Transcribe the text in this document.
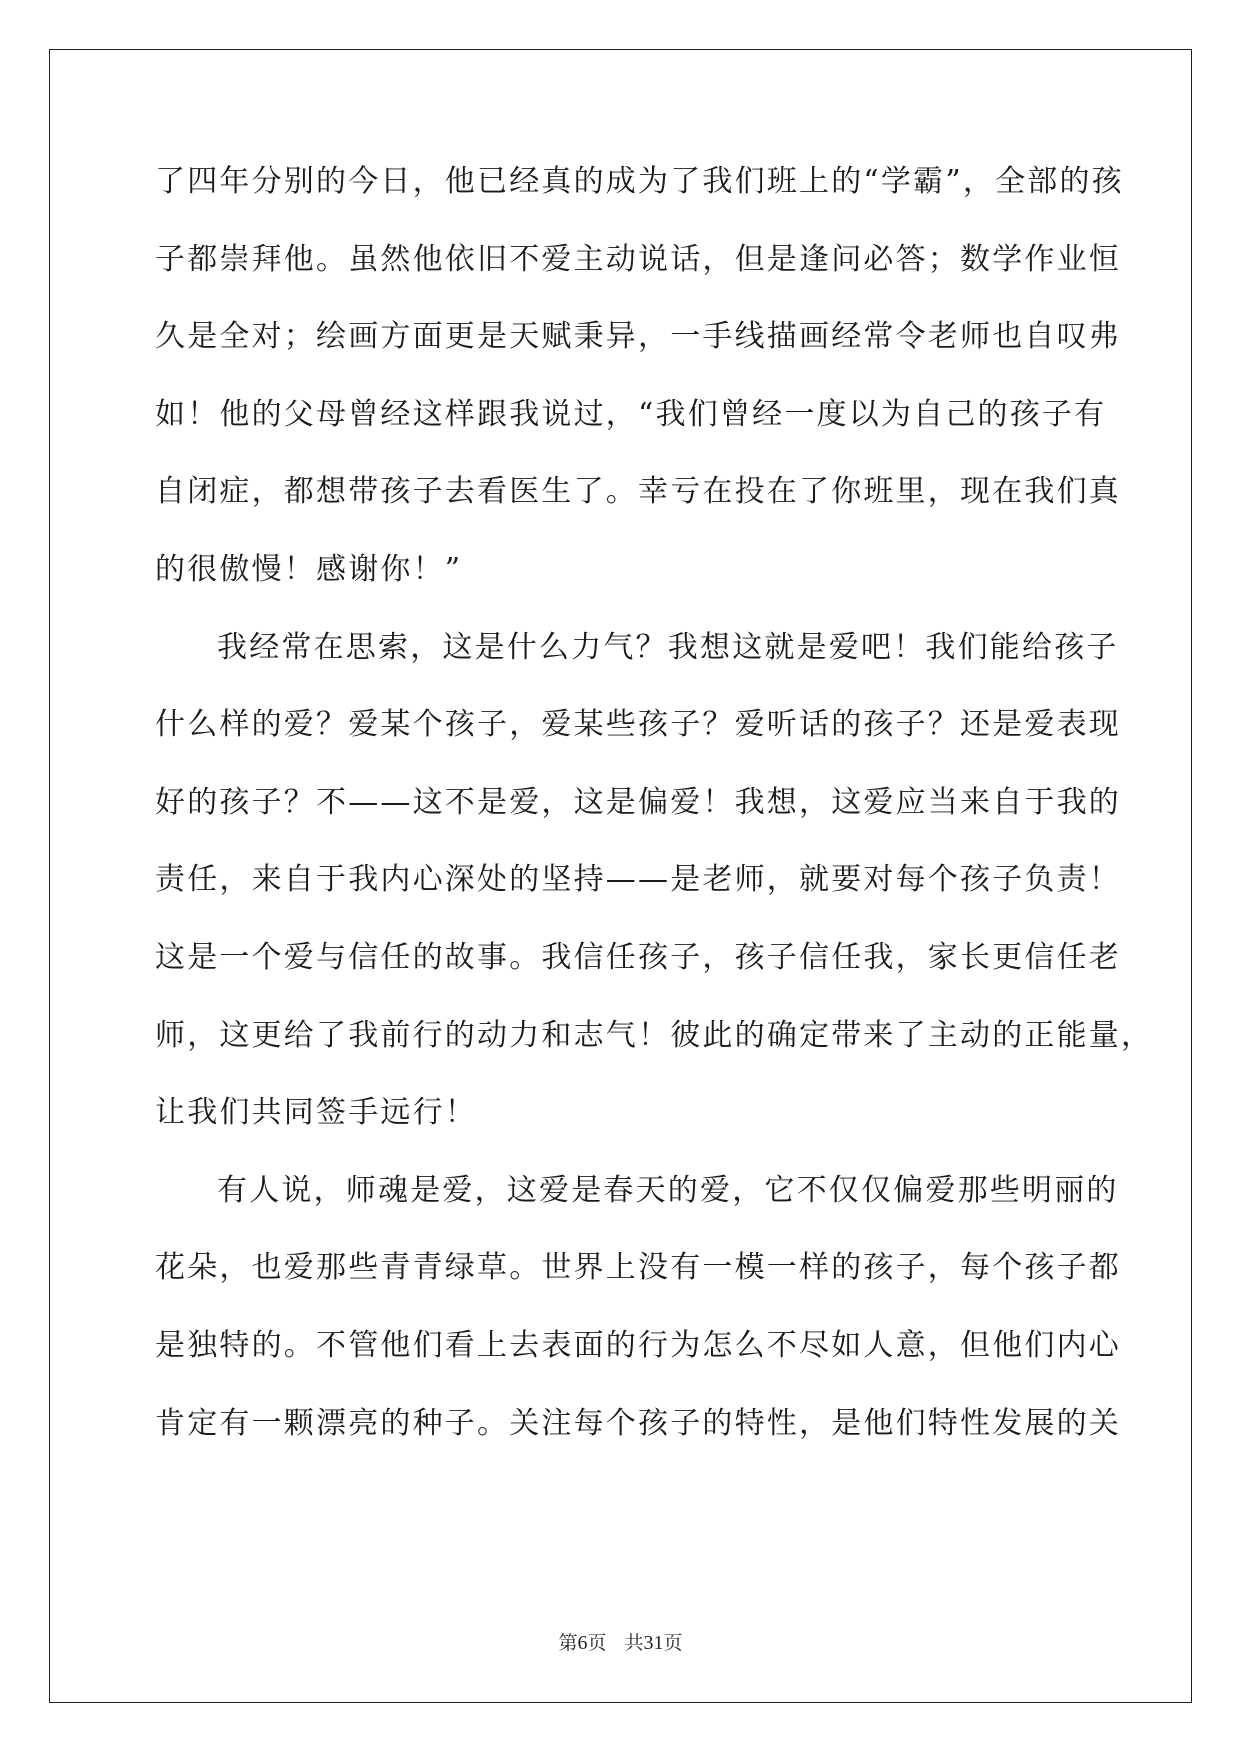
了四年分别的今日，他已经真的成为了我们班上的“学霸”，全部的孩
子都崇拜他。虽然他依旧不爱主动说话，但是逢问必答；数学作业恒
久是全对；绘画方面更是天赋秉异，一手线描画经常令老师也自叹弗
如！他的父母曾经这样跟我说过，“我们曾经一度以为自己的孩子有
自闭症，都想带孩子去看医生了。幸亏在投在了你班里，现在我们真
的很傲慢！感谢你！”
我经常在思索，这是什么力气？我想这就是爱吧！我们能给孩子
什么样的爱？爱某个孩子，爱某些孩子？爱听话的孩子？还是爱表现
好的孩子？不——这不是爱，这是偏爱！我想，这爱应当来自于我的
责任，来自于我内心深处的坚持——是老师，就要对每个孩子负责！
这是一个爱与信任的故事。我信任孩子，孩子信任我，家长更信任老
师，这更给了我前行的动力和志气！彼此的确定带来了主动的正能量，
让我们共同签手远行！
有人说，师魂是爱，这爱是春天的爱，它不仅仅偏爱那些明丽的
花朵，也爱那些青青绿草。世界上没有一模一样的孩子，每个孩子都
是独特的。不管他们看上去表面的行为怎么不尽如人意，但他们内心
肯定有一颗漂亮的种子。关注每个孩子的特性，是他们特性发展的关
第6页 共31页
